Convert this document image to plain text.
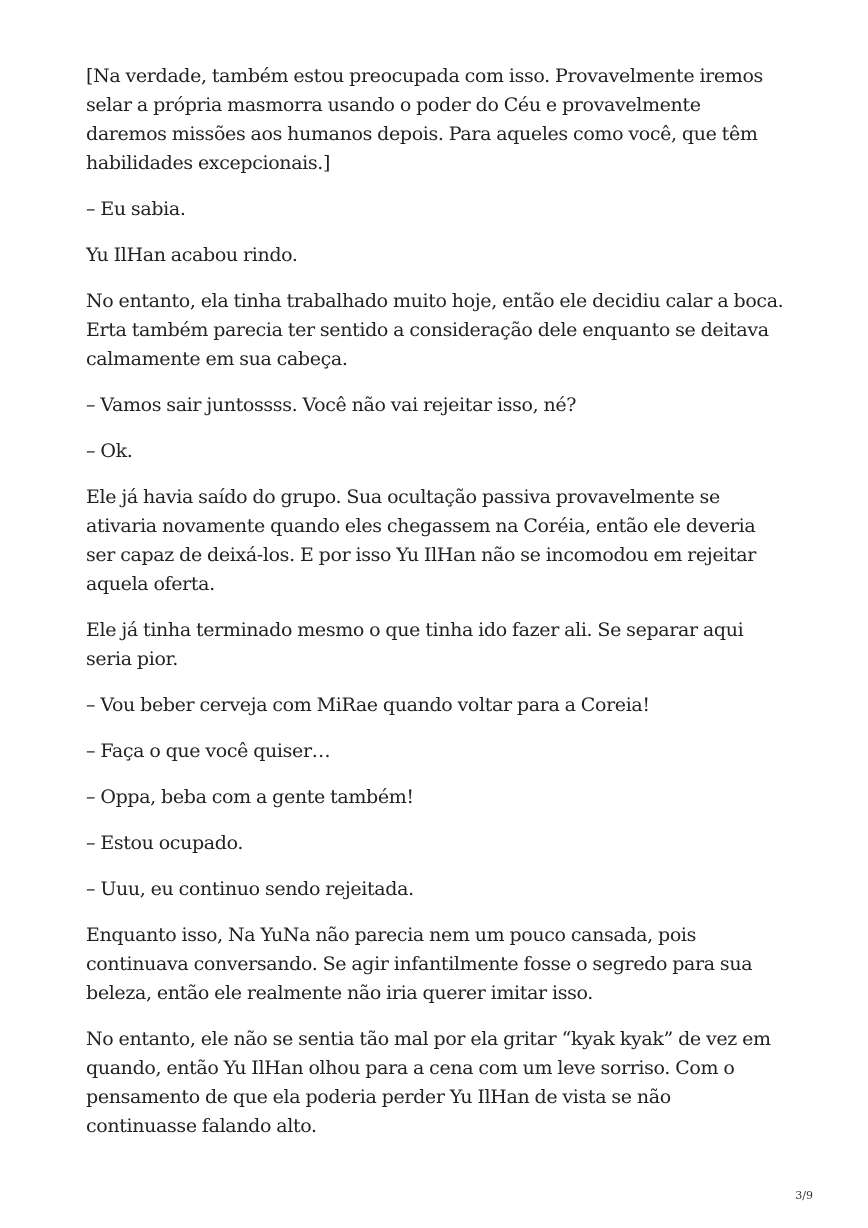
[Na verdade, também estou preocupada com isso. Provavelmente iremos selar a própria masmorra usando o poder do Céu e provavelmente daremos missões aos humanos depois. Para aqueles como você, que têm habilidades excepcionais.]

– Eu sabia.

Yu IlHan acabou rindo.

No entanto, ela tinha trabalhado muito hoje, então ele decidiu calar a boca. Erta também parecia ter sentido a consideração dele enquanto se deitava calmamente em sua cabeça.

– Vamos sair juntossss. Você não vai rejeitar isso, né?

– Ok.

Ele já havia saído do grupo. Sua ocultação passiva provavelmente se ativaria novamente quando eles chegassem na Coréia, então ele deveria ser capaz de deixá-los. E por isso Yu IlHan não se incomodou em rejeitar aquela oferta.

Ele já tinha terminado mesmo o que tinha ido fazer ali. Se separar aqui seria pior.

– Vou beber cerveja com MiRae quando voltar para a Coreia!

– Faça o que você quiser…

– Oppa, beba com a gente também!

– Estou ocupado.

– Uuu, eu continuo sendo rejeitada.

Enquanto isso, Na YuNa não parecia nem um pouco cansada, pois continuava conversando. Se agir infantilmente fosse o segredo para sua beleza, então ele realmente não iria querer imitar isso.

No entanto, ele não se sentia tão mal por ela gritar “kyak kyak” de vez em quando, então Yu IlHan olhou para a cena com um leve sorriso. Com o pensamento de que ela poderia perder Yu IlHan de vista se não continuasse falando alto.

3/9
